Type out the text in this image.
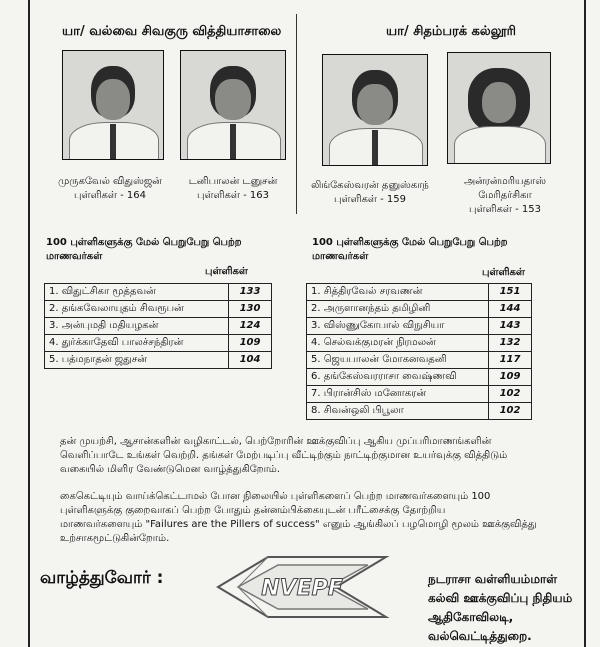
யா/ வல்வை சிவகுரு வித்தியாசாலை	யா/ சிதம்பரக் கல்லூரி
முருகவேல் விதுஸ்ஜன்
புள்ளிகள் - 164
டனிபாலன் டனுசன்
புள்ளிகள் - 163
லிங்கேஸ்வரன் தனுஸ்காந்
புள்ளிகள் - 159
அன்ரன்மரியதாஸ்
மேரிதர்சிகா
புள்ளிகள் - 153
100 புள்ளிகளுக்கு மேல் பெறுபேறு பெற்ற
மாணவர்கள்
புள்ளிகள்
1. விதுட்சிகா மூத்தவன்	133
2. தங்கவேலாயுதம் சிவரூபன்	130
3. அன்புமதி மதியழகன்	124
4. துர்க்காதேவி பாலச்சந்திரன்	109
5. பத்மநாதன் ஜதுசன்	104
100 புள்ளிகளுக்கு மேல் பெறுபேறு பெற்ற
மாணவர்கள்
புள்ளிகள்
1. சித்திரவேல் சரவணன்	151
2. அருளானந்தம் தமிழினி	144
3. விஸ்ணுகோபால் விநுசியா	143
4. செல்வக்குமரன் நிரமலன்	132
5. ஜெயபாலன் மோகனவதனி	117
6. தங்கேஸ்வரராசா வைஷ்ணவி	109
7. பிரான்சிஸ் மனோகரன்	102
8. சிவன்ஒலி பிபூலா	102
தன் முயற்சி, ஆசான்களின் வழிகாட்டல், பெற்றோரின் ஊக்குவிப்பு ஆகிய முப்பரிமாணங்களின்
வெளிப்பாடே உங்கள் வெற்றி. தங்கள் மேற்படிப்பு வீட்டிற்கும் நாட்டிற்குமான உயர்வுக்கு வித்திடும்
வகையில் மிளிர வேண்டுமென வாழ்த்துகிறோம்.
கைகெட்டியும் வாய்க்கெட்டாமல் போன நிலையில் புள்ளிகளைப் பெற்ற மாணவர்களையும் 100
புள்ளிகளுக்கு குறைவாகப் பெற்ற போதும் தன்னம்பிக்கையுடன் பரீட்சைக்கு தோற்றிய
மாணவர்களையும் "Failures are the Pillers of success" எனும் ஆங்கிலப் பழமொழி மூலம் ஊக்குவித்து
உற்சாகமூட்டுகின்றோம்.
வாழ்த்துவோர் :	NVEPF	நடராசா வள்ளியம்மாள்
கல்வி ஊக்குவிப்பு நிதியம்
ஆதிகோவிலடி, வல்வெட்டித்துறை.
